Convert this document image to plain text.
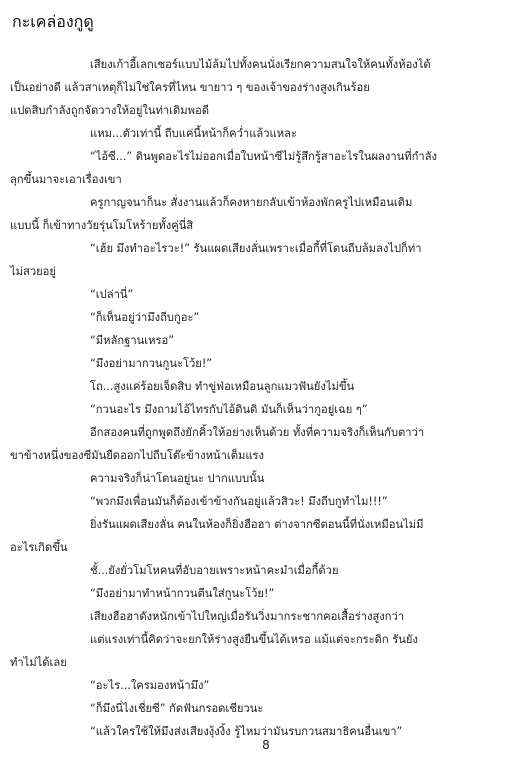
กะเคล่องกูดู

เสียงเก้าอี้เลกเชอร์แบบไม้ล้มไปทั้งคนนั่งเรียกความสนใจให้คนทั้งห้องได้
เป็นอย่างดี แล้วสาเหตุก็ไม่ใช่ใครที่ไหน ขายาว ๆ ของเจ้าของร่างสูงเกินร้อย
แปดสิบกำลังถูกจัดวางให้อยู่ในท่าเดิมพอดี

แหม...ตัวเท่านี้ ถีบแค่นี้หน้าก็คว่ำแล้วแหละ

“ไอ้ซี...” ดินพูดอะไรไม่ออกเมื่อใบหน้าซีไม่รู้สึกรู้สาอะไรในผลงานที่กำลัง
ลุกขึ้นมาจะเอาเรื่องเขา

ครูกาญจนาก็นะ สั่งงานแล้วก็คงหายกลับเข้าห้องพักครูไปเหมือนเดิม
แบบนี้ ก็เข้าทางวัยรุ่นโมโหร้ายทั้งคู่นี่สิ

“เฮ้ย มึงทำอะไรวะ!” รันแผดเสียงลั่นเพราะเมื่อกี้ที่โดนถีบล้มลงไปก็ท่า
ไม่สวยอยู่

“เปล่านี่”

“ก็เห็นอยู่ว่ามึงถีบกูอะ”

“มีหลักฐานเหรอ”

“มึงอย่ามากวนกูนะโว้ย!”

โถ...สูงแค่ร้อยเจ็ดสิบ ทำขู่ฟ่อเหมือนลูกแมวฟันยังไม่ขึ้น

“กวนอะไร มึงถามไอ้ไทรกับไอ้ดินดิ มันก็เห็นว่ากูอยู่เฉย ๆ”

อีกสองคนที่ถูกพูดถึงยักคิ้วให้อย่างเห็นด้วย ทั้งที่ความจริงก็เห็นกับตาว่า
ขาข้างหนึ่งของซีมันยืดออกไปถีบโต๊ะข้างหน้าเต็มแรง

ความจริงก็น่าโดนอยู่นะ ปากแบบนั้น

“พวกมึงเพื่อนมันก็ต้องเข้าข้างกันอยู่แล้วสิวะ! มึงถีบกูทำไม!!!”

ยิ่งรันแผดเสียงลั่น คนในห้องก็ยิ่งฮือฮา ต่างจากซีตอนนี้ที่นั่งเหมือนไม่มี
อะไรเกิดขึ้น

ชั้...ยังยั่วโมโหคนที่อับอายเพราะหน้าคะมำเมื่อกี้ด้วย

“มึงอย่ามาทำหน้ากวนตีนใส่กูนะโว้ย!”

เสียงฮือฮาดังหนักเข้าไปใหญ่เมื่อรันวิ่งมากระชากคอเสื้อร่างสูงกว่า

แต่แรงเท่านี้คิดว่าจะยกให้ร่างสูงยืนขึ้นได้เหรอ แม้แต่จะกระดิก รันยัง
ทำไม่ได้เลย

“อะไร...ใครมองหน้ามึง”

“ก็มึงนี่ไงเชี่ยซี” กัดฟันกรอดเชียวนะ

“แล้วใครใช้ให้มึงส่งเสียงงุ้งงิ้ง รู้ไหมว่ามันรบกวนสมาธิคนอื่นเขา”

8
